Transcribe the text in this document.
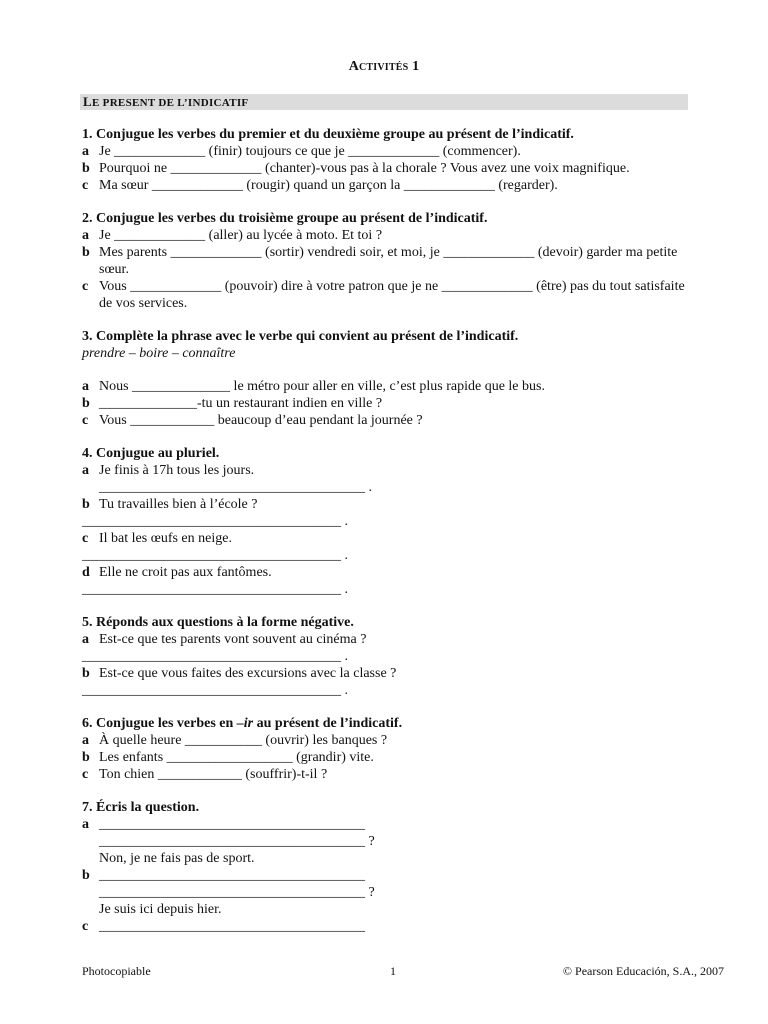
Activités 1
LE PRESENT DE L’INDICATIF

1. Conjugue les verbes du premier et du deuxième groupe au présent de l’indicatif.

a Je _____________ (finir) toujours ce que je _____________ (commencer).
b Pourquoi ne _____________ (chanter)-vous pas à la chorale ? Vous avez une voix magnifique.
c Ma sœur _____________ (rougir) quand un garçon la _____________ (regarder).

2. Conjugue les verbes du troisième groupe au présent de l’indicatif.

a Je _____________ (aller) au lycée à moto. Et toi ?
b Mes parents _____________ (sortir) vendredi soir, et moi, je _____________ (devoir) garder ma petite sœur.
c Vous _____________ (pouvoir) dire à votre patron que je ne _____________ (être) pas du tout satisfaite de vos services.

3. Complète la phrase avec le verbe qui convient au présent de l’indicatif.

prendre – boire – connaître

a Nous ______________ le métro pour aller en ville, c’est plus rapide que le bus.
b ______________-tu un restaurant indien en ville ?
c Vous ____________ beaucoup d’eau pendant la journée ?

4. Conjugue au pluriel.

a Je finis à 17h tous les jours.
______________________________________ .
b Tu travailles bien à l’école ?
_____________________________________ .
c Il bat les œufs en neige.
_____________________________________ .
d Elle ne croit pas aux fantômes.
_____________________________________ .

5. Réponds aux questions à la forme négative.

a Est-ce que tes parents vont souvent au cinéma ?
_____________________________________ .
b Est-ce que vous faites des excursions avec la classe ?
_____________________________________ .

6. Conjugue les verbes en –ir au présent de l’indicatif.

a À quelle heure ___________ (ouvrir) les banques ?
b Les enfants __________________ (grandir) vite.
c Ton chien ____________ (souffrir)-t-il ?

7. Écris la question.

a ______________________________________
______________________________________ ?
Non, je ne fais pas de sport.
b ______________________________________
______________________________________ ?
Je suis ici depuis hier.
c ______________________________________
Photocopiable	1	© Pearson Educación, S.A., 2007
